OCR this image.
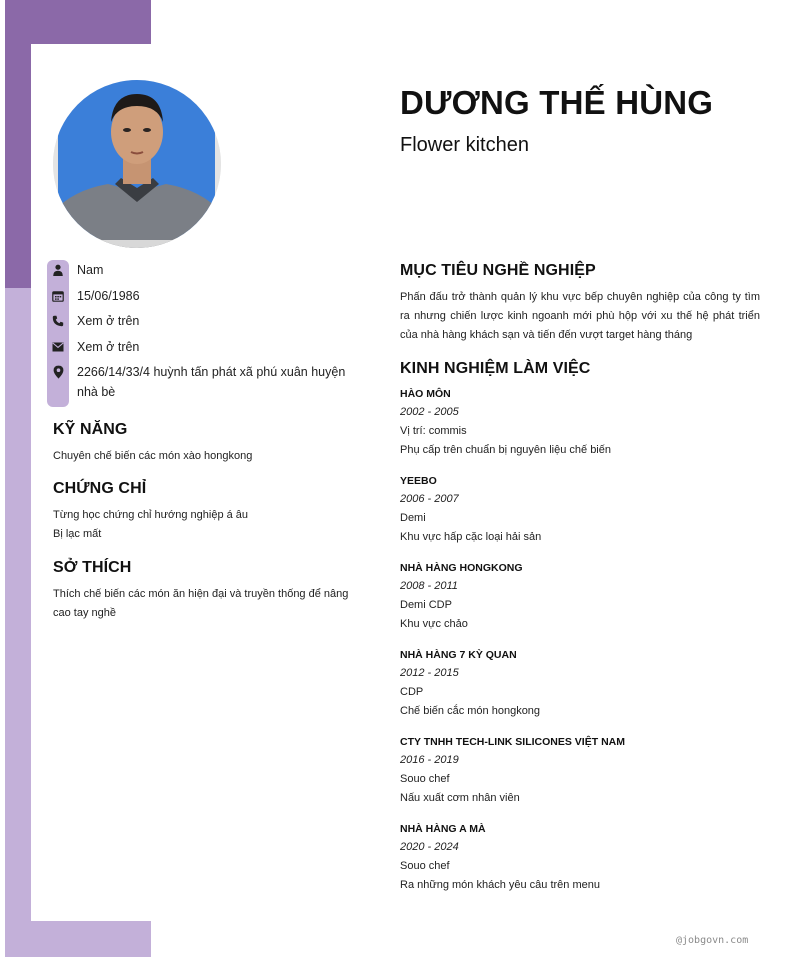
Nam
15/06/1986
Xem ở trên
Xem ở trên
2266/14/33/4 huỳnh tấn phát xã phú xuân huyện nhà bè
KỸ NĂNG
Chuyên chế biến các món xào hongkong
CHỨNG CHỈ
Từng học chứng chỉ hướng nghiệp á âu
Bị lạc mất
SỞ THÍCH
Thích chế biến các món ăn hiện đại và truyền thống để nâng cao tay nghề
DƯƠNG THẾ HÙNG
Flower kitchen
MỤC TIÊU NGHỀ NGHIỆP
Phấn đấu trở thành quản lý khu vực bếp chuyên nghiệp của công ty tìm ra nhưng chiến lược kinh ngoanh mới phù hộp với xu thế hệ phát triển của nhà hàng khách sạn và tiến đến vượt target hàng tháng
KINH NGHIỆM LÀM VIỆC
HÀO MÔN
2002 - 2005
Vị trí: commis
Phụ cấp trên chuẩn bị nguyên liệu chế biến
YEEBO
2006 - 2007
Demi
Khu vực hấp cặc loại hải sản
NHÀ HÀNG HONGKONG
2008 - 2011
Demi CDP
Khu vực chảo
NHÀ HÀNG 7 KỲ QUAN
2012 - 2015
CDP
Chế biến cắc món hongkong
CTY TNHH TECH-LINK SILICONES VIỆT NAM
2016 - 2019
Souo chef
Nấu xuất cơm nhân viên
NHÀ HÀNG A MÀ
2020 - 2024
Souo chef
Ra những món khách yêu câu trên menu
@jobgovn.com
